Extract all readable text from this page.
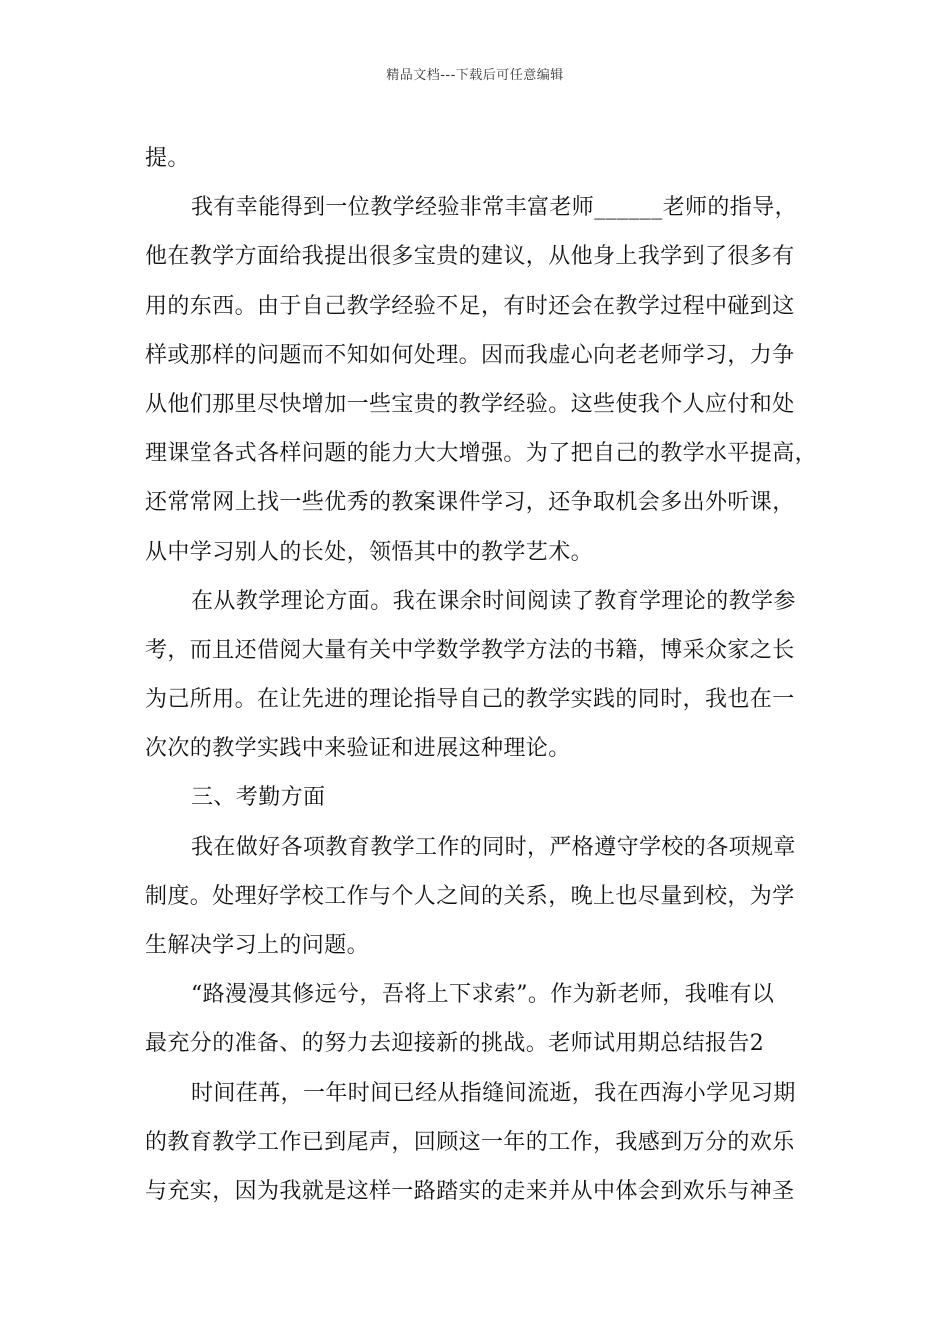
精品文档---下载后可任意编辑
提。
我有幸能得到一位教学经验非常丰富老师______老师的指导，
他在教学方面给我提出很多宝贵的建议，从他身上我学到了很多有
用的东西。由于自己教学经验不足，有时还会在教学过程中碰到这
样或那样的问题而不知如何处理。因而我虚心向老老师学习，力争
从他们那里尽快增加一些宝贵的教学经验。这些使我个人应付和处
理课堂各式各样问题的能力大大增强。为了把自己的教学水平提高，
还常常网上找一些优秀的教案课件学习，还争取机会多出外听课，
从中学习别人的长处，领悟其中的教学艺术。
在从教学理论方面。我在课余时间阅读了教育学理论的教学参
考，而且还借阅大量有关中学数学教学方法的书籍，博采众家之长
为己所用。在让先进的理论指导自己的教学实践的同时，我也在一
次次的教学实践中来验证和进展这种理论。
三、考勤方面
我在做好各项教育教学工作的同时，严格遵守学校的各项规章
制度。处理好学校工作与个人之间的关系，晚上也尽量到校，为学
生解决学习上的问题。
“路漫漫其修远兮，吾将上下求索”。作为新老师，我唯有以
最充分的准备、的努力去迎接新的挑战。老师试用期总结报告2
时间荏苒，一年时间已经从指缝间流逝，我在西海小学见习期
的教育教学工作已到尾声，回顾这一年的工作，我感到万分的欢乐
与充实，因为我就是这样一路踏实的走来并从中体会到欢乐与神圣
